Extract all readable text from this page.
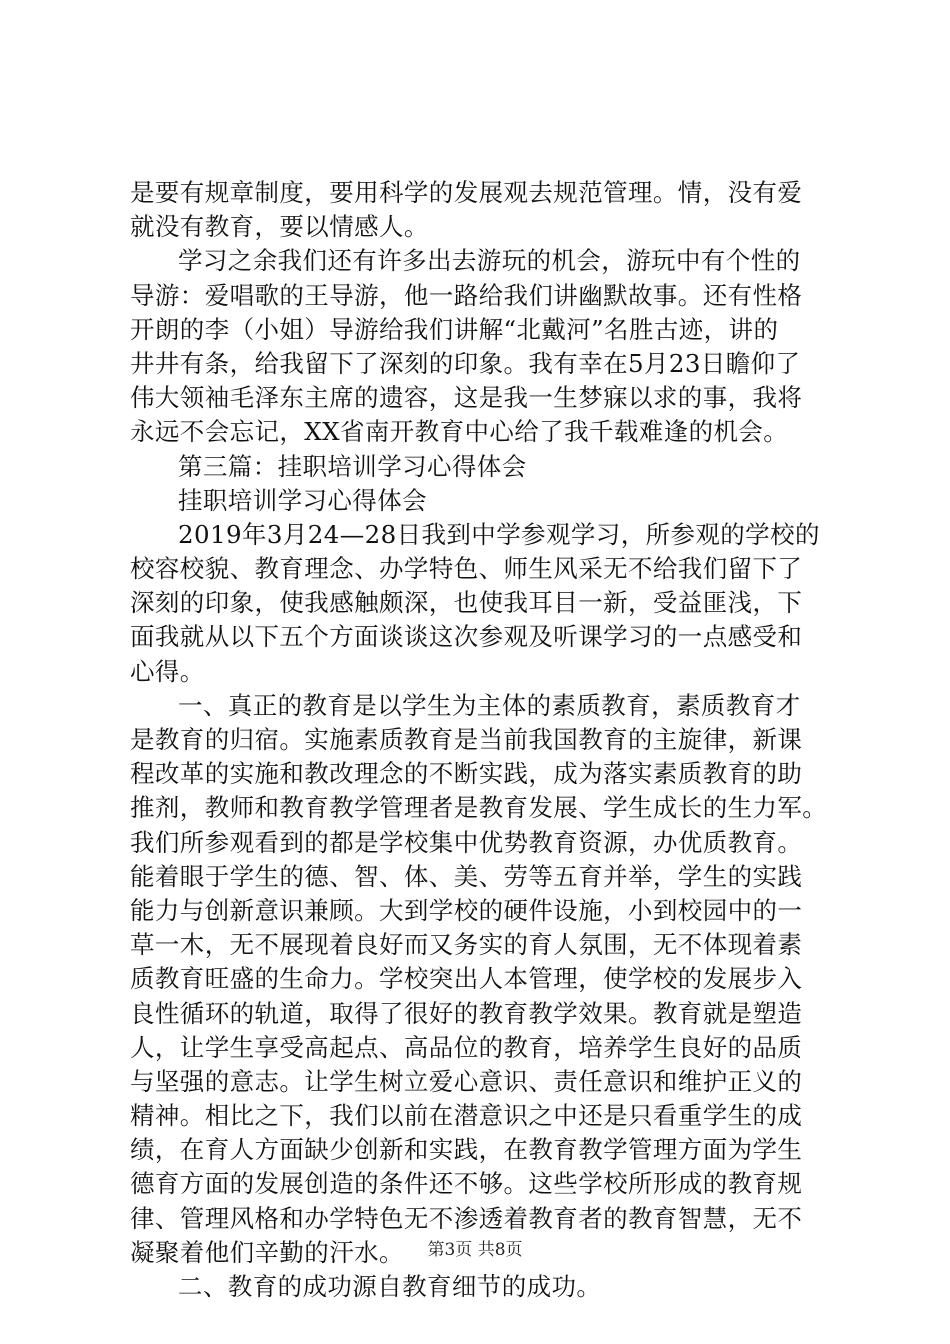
是要有规章制度，要用科学的发展观去规范管理。情，没有爱
就没有教育，要以情感人。
学习之余我们还有许多出去游玩的机会，游玩中有个性的
导游：爱唱歌的王导游，他一路给我们讲幽默故事。还有性格
开朗的李（小姐）导游给我们讲解“北戴河”名胜古迹，讲的
井井有条，给我留下了深刻的印象。我有幸在5月23日瞻仰了
伟大领袖毛泽东主席的遗容，这是我一生梦寐以求的事，我将
永远不会忘记，XX省南开教育中心给了我千载难逢的机会。
第三篇：挂职培训学习心得体会
挂职培训学习心得体会
2019年3月24—28日我到中学参观学习，所参观的学校的
校容校貌、教育理念、办学特色、师生风采无不给我们留下了
深刻的印象，使我感触颇深，也使我耳目一新，受益匪浅，下
面我就从以下五个方面谈谈这次参观及听课学习的一点感受和
心得。
一、真正的教育是以学生为主体的素质教育，素质教育才
是教育的归宿。实施素质教育是当前我国教育的主旋律，新课
程改革的实施和教改理念的不断实践，成为落实素质教育的助
推剂，教师和教育教学管理者是教育发展、学生成长的生力军。
我们所参观看到的都是学校集中优势教育资源，办优质教育。
能着眼于学生的德、智、体、美、劳等五育并举，学生的实践
能力与创新意识兼顾。大到学校的硬件设施，小到校园中的一
草一木，无不展现着良好而又务实的育人氛围，无不体现着素
质教育旺盛的生命力。学校突出人本管理，使学校的发展步入
良性循环的轨道，取得了很好的教育教学效果。教育就是塑造
人，让学生享受高起点、高品位的教育，培养学生良好的品质
与坚强的意志。让学生树立爱心意识、责任意识和维护正义的
精神。相比之下，我们以前在潜意识之中还是只看重学生的成
绩，在育人方面缺少创新和实践，在教育教学管理方面为学生
德育方面的发展创造的条件还不够。这些学校所形成的教育规
律、管理风格和办学特色无不渗透着教育者的教育智慧，无不
凝聚着他们辛勤的汗水。
二、教育的成功源自教育细节的成功。
第3页 共8页
